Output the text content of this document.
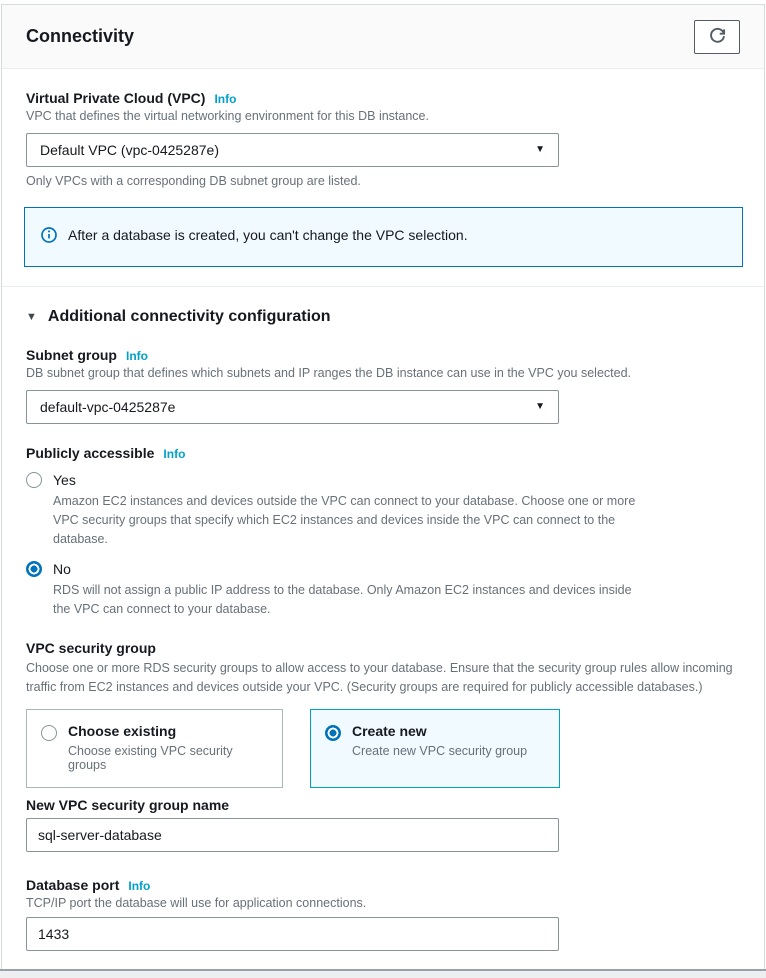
Connectivity
Virtual Private Cloud (VPC) Info
VPC that defines the virtual networking environment for this DB instance.
Default VPC (vpc-0425287e)	▼
Only VPCs with a corresponding DB subnet group are listed.
After a database is created, you can't change the VPC selection.
▼ Additional connectivity configuration
Subnet group Info
DB subnet group that defines which subnets and IP ranges the DB instance can use in the VPC you selected.
default-vpc-0425287e	▼
Publicly accessible Info
Yes
Amazon EC2 instances and devices outside the VPC can connect to your database. Choose one or more VPC security groups that specify which EC2 instances and devices inside the VPC can connect to the database.
No
RDS will not assign a public IP address to the database. Only Amazon EC2 instances and devices inside the VPC can connect to your database.
VPC security group
Choose one or more RDS security groups to allow access to your database. Ensure that the security group rules allow incoming traffic from EC2 instances and devices outside your VPC. (Security groups are required for publicly accessible databases.)
Choose existing
Choose existing VPC security groups
Create new
Create new VPC security group
New VPC security group name
sql-server-database
Database port Info
TCP/IP port the database will use for application connections.
1433
